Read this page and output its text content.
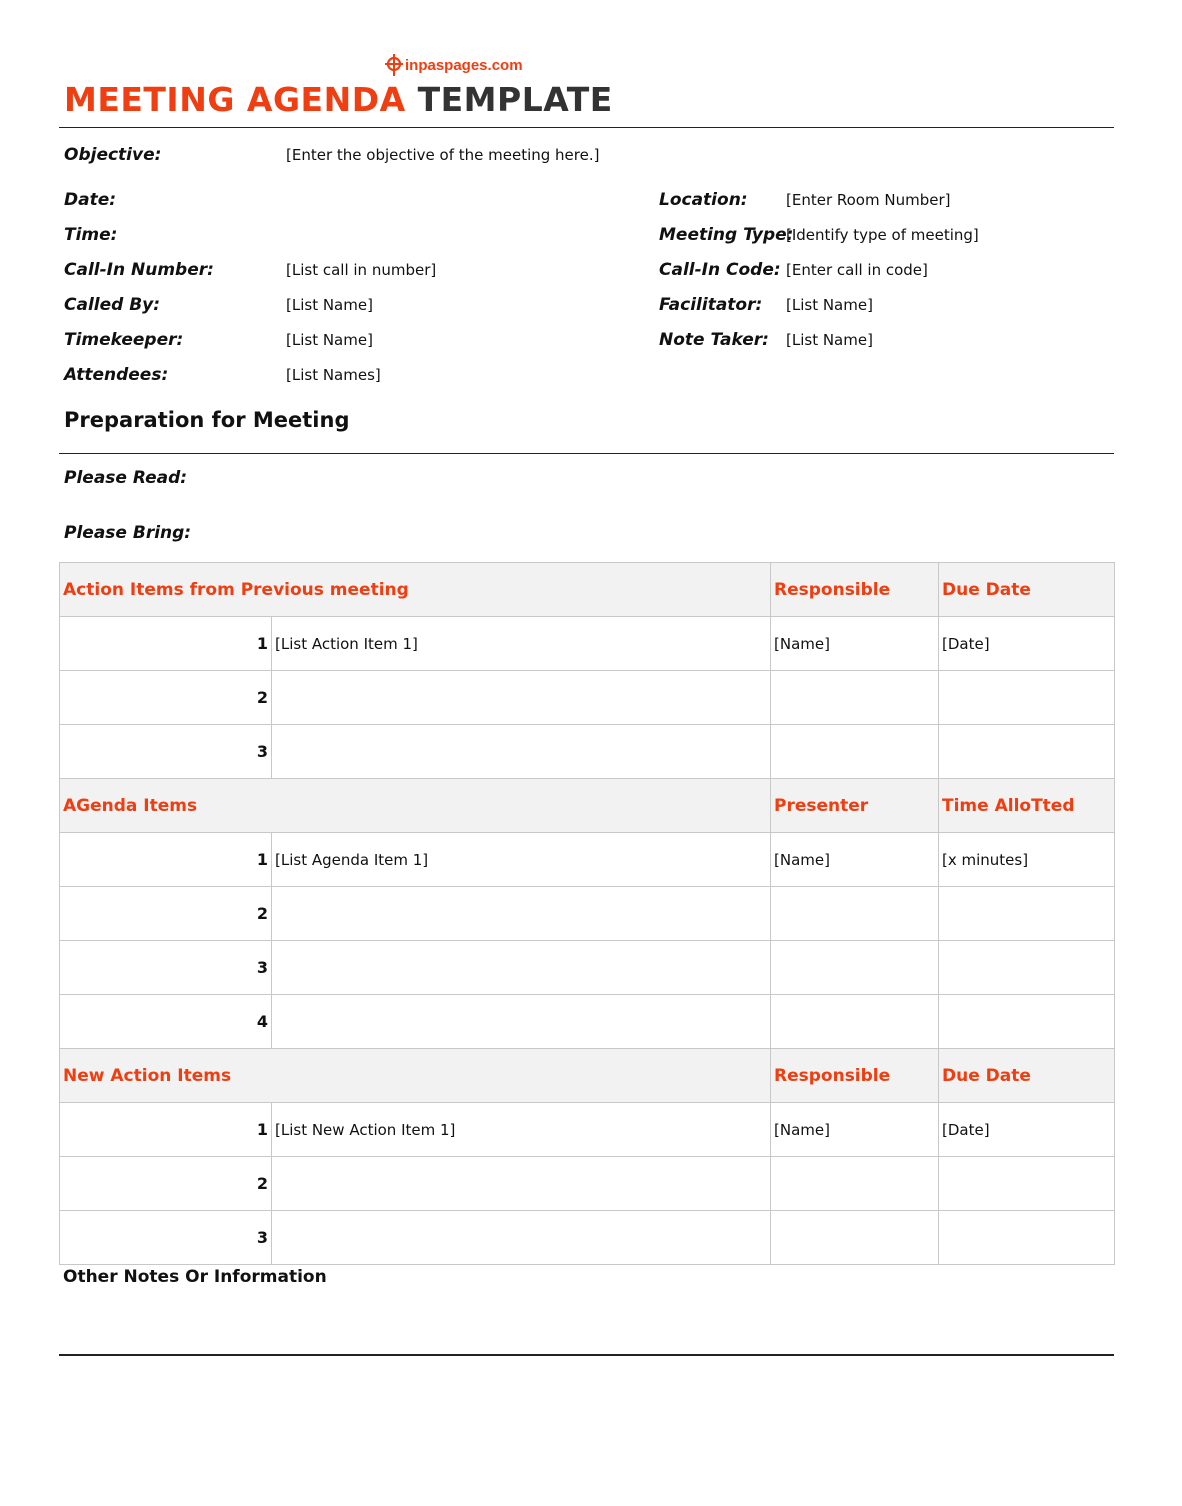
inpaspages.com
MEETING AGENDA TEMPLATE
Objective:	[Enter the objective of the meeting here.]
Date:
Time:
Call-In Number:	[List call in number]
Called By:	[List Name]
Timekeeper:	[List Name]
Attendees:	[List Names]
Location:	[Enter Room Number]
Meeting Type:
[Identify type of meeting]
Call-In Code: [Enter call in code]
Facilitator: [List Name]
Note Taker: [List Name]
Preparation for Meeting
Please Read:
Please Bring:
Action Items from Previous meeting		Responsible	Due Date
1	[List Action Item 1]	[Name]	[Date]
2			
3			
AGenda Items		Presenter	Time AlloTted
1	[List Agenda Item 1]	[Name]	[x minutes]
2			
3			
4			
New Action Items		Responsible	Due Date
1	[List New Action Item 1]	[Name]	[Date]
2			
3			
Other Notes Or Information
